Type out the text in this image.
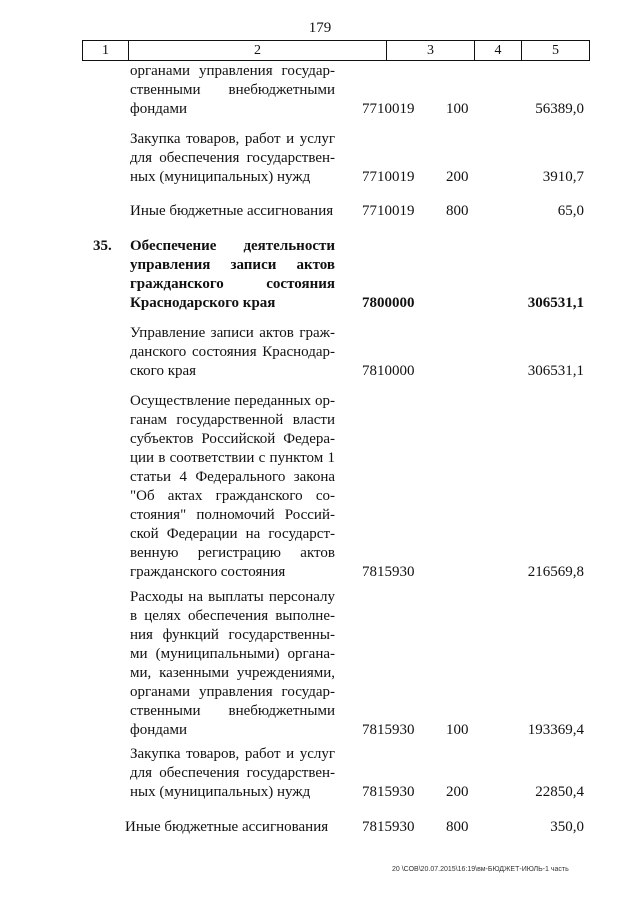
179
1	2	3	4	5
органами управления государ-
ственными внебюджетными
фондами	7710019	100	56389,0
Закупка товаров, работ и услуг
для обеспечения государствен-
ных (муниципальных) нужд	7710019	200	3910,7
Иные бюджетные ассигнования 7710019	800	65,0
35. Обеспечение деятельности
управления записи актов
гражданского состояния
Краснодарского края	7800000	306531,1
Управление записи актов граж-
данского состояния Краснодар-
ского края	7810000	306531,1
Осуществление переданных ор-
ганам государственной власти
субъектов Российской Федера-
ции в соответствии с пунктом 1
статьи 4 Федерального закона
"Об актах гражданского со-
стояния" полномочий Россий-
ской Федерации на государст-
венную регистрацию актов
гражданского состояния	7815930	216569,8
Расходы на выплаты персоналу
в целях обеспечения выполне-
ния функций государственны-
ми (муниципальными) органа-
ми, казенными учреждениями,
органами управления государ-
ственными внебюджетными
фондами	7815930	100	193369,4
Закупка товаров, работ и услуг
для обеспечения государствен-
ных (муниципальных) нужд	7815930	200	22850,4
Иные бюджетные ассигнования	7815930	800	350,0
20 \СОВ\20.07.2015\16:19\вм-БЮДЖЕТ-ИЮЛЬ-1 часть
